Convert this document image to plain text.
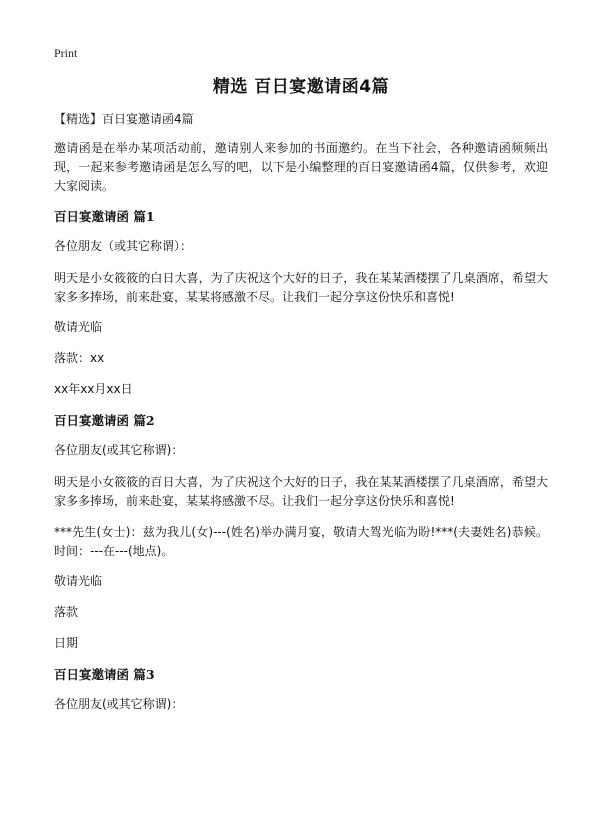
Print
精选 百日宴邀请函4篇
【精选】百日宴邀请函4篇

邀请函是在举办某项活动前，邀请别人来参加的书面邀约。在当下社会，各种邀请函频频出现，一起来参考邀请函是怎么写的吧，以下是小编整理的百日宴邀请函4篇，仅供参考，欢迎大家阅读。

百日宴邀请函 篇1
各位朋友（或其它称谓）：

明天是小女筱筱的白日大喜，为了庆祝这个大好的日子，我在某某酒楼摆了几桌酒席，希望大家多多捧场，前来赴宴，某某将感激不尽。让我们一起分享这份快乐和喜悦!

敬请光临
落款：xx
xx年xx月xx日
百日宴邀请函 篇2
各位朋友(或其它称谓)：

明天是小女筱筱的百日大喜，为了庆祝这个大好的日子，我在某某酒楼摆了几桌酒席，希望大家多多捧场，前来赴宴，某某将感激不尽。让我们一起分享这份快乐和喜悦!

***先生(女士)：兹为我儿(女)---(姓名)举办满月宴，敬请大驾光临为盼!***(夫妻姓名)恭候。时间：---在---(地点)。

敬请光临
落款
日期
百日宴邀请函 篇3
各位朋友(或其它称谓)：
